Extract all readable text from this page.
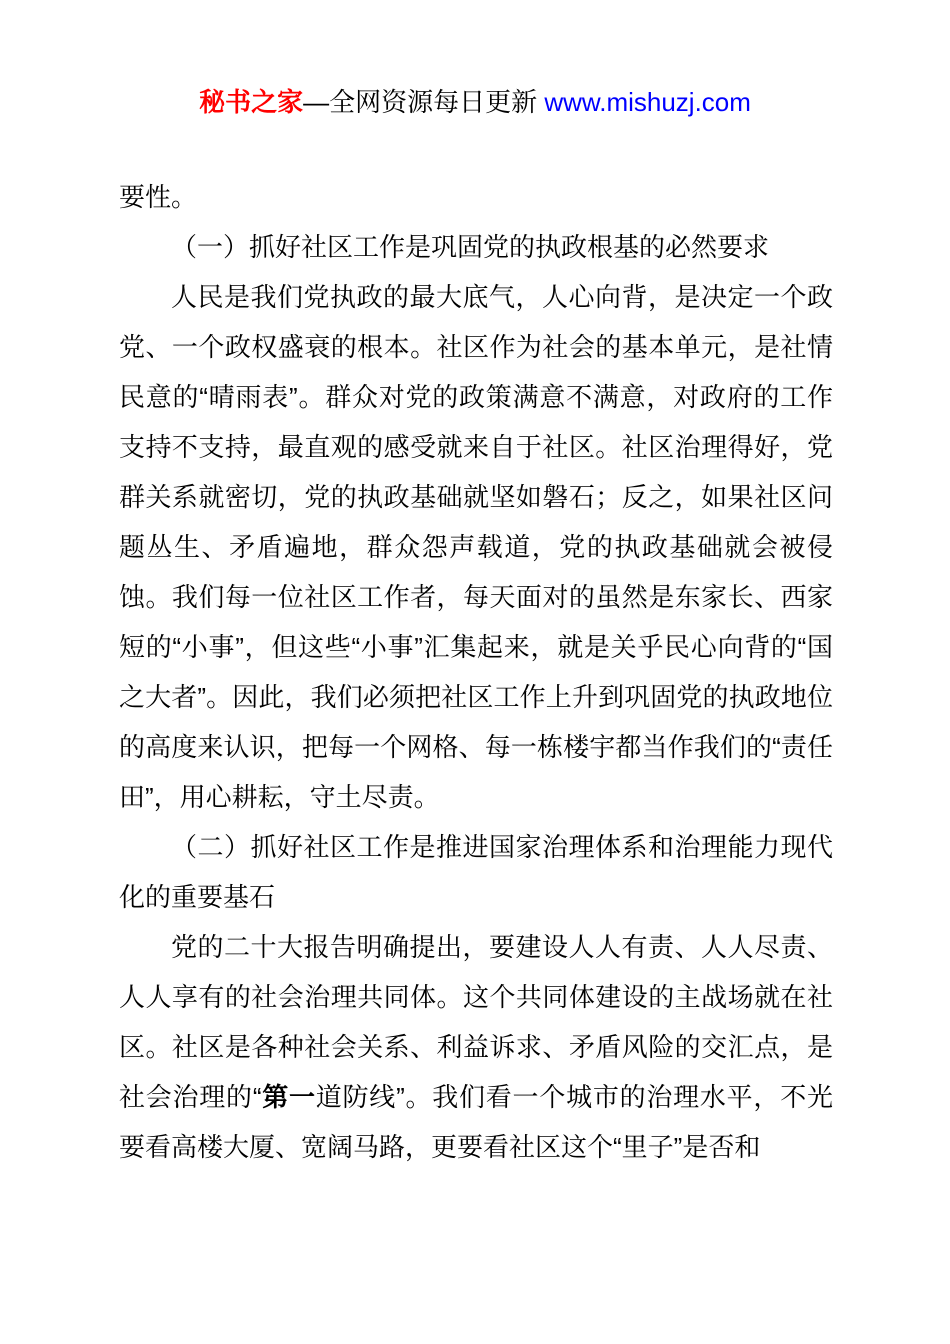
秘书之家—全网资源每日更新 www.mishuzj.com

要性。

（一）抓好社区工作是巩固党的执政根基的必然要求

人民是我们党执政的最大底气，人心向背，是决定一个政党、一个政权盛衰的根本。社区作为社会的基本单元，是社情民意的“晴雨表”。群众对党的政策满意不满意，对政府的工作支持不支持，最直观的感受就来自于社区。社区治理得好，党群关系就密切，党的执政基础就坚如磐石；反之，如果社区问题丛生、矛盾遍地，群众怨声载道，党的执政基础就会被侵蚀。我们每一位社区工作者，每天面对的虽然是东家长、西家短的“小事”，但这些“小事”汇集起来，就是关乎民心向背的“国之大者”。因此，我们必须把社区工作上升到巩固党的执政地位的高度来认识，把每一个网格、每一栋楼宇都当作我们的“责任田”，用心耕耘，守土尽责。

（二）抓好社区工作是推进国家治理体系和治理能力现代化的重要基石

党的二十大报告明确提出，要建设人人有责、人人尽责、人人享有的社会治理共同体。这个共同体建设的主战场就在社区。社区是各种社会关系、利益诉求、矛盾风险的交汇点，是社会治理的“第一道防线”。我们看一个城市的治理水平，不光要看高楼大厦、宽阔马路，更要看社区这个“里子”是否和
